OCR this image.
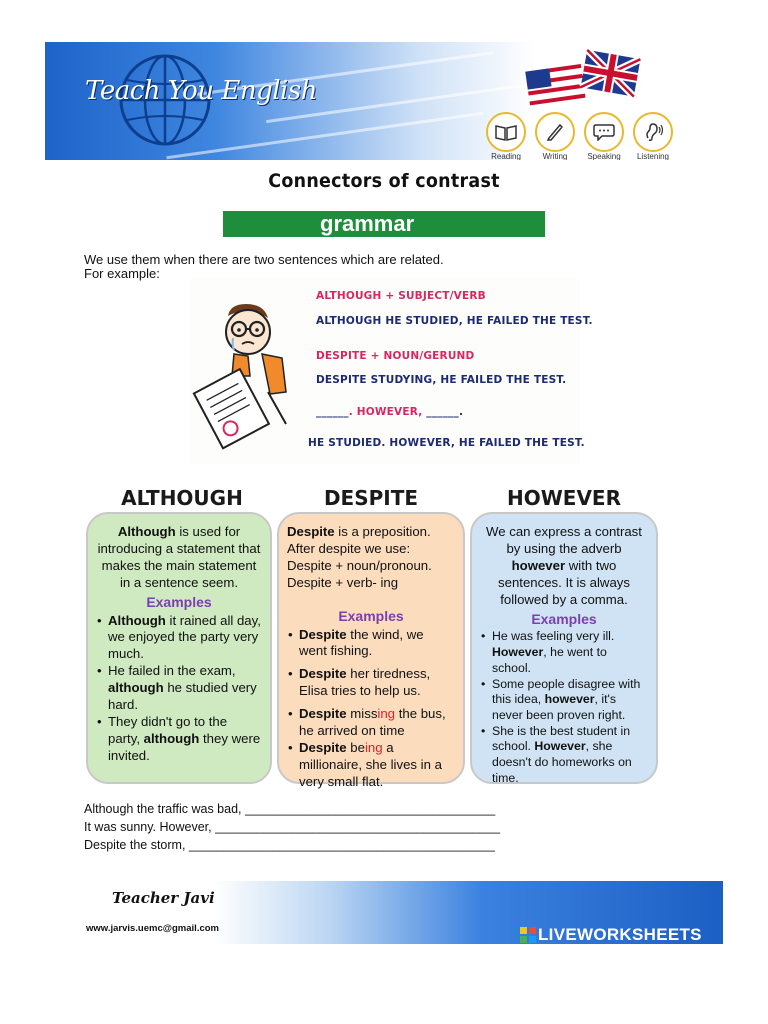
Teach You English
Reading	Writing	Speaking	Listening
Connectors of contrast
grammar
We use them when there are two sentences which are related.
For example:
ALTHOUGH + SUBJECT/VERB
ALTHOUGH HE STUDIED, HE FAILED THE TEST.
DESPITE + NOUN/GERUND
DESPITE STUDYING, HE FAILED THE TEST.
______. HOWEVER, ______.
HE STUDIED. HOWEVER, HE FAILED THE TEST.
ALTHOUGH	DESPITE	HOWEVER

Although is used for introducing a statement that makes the main statement in a sentence seem.

Examples
• Although it rained all day, we enjoyed the party very much.
• He failed in the exam, although he studied very hard.
• They didn't go to the party, although they were invited.

Despite is a preposition.

After despite we use:

Despite + noun/pronoun.

Despite + verb- ing

Examples
• Despite the wind, we went fishing.
• Despite her tiredness, Elisa tries to help us.
• Despite missing the bus, he arrived on time
• Despite being a millionaire, she lives in a very small flat.

We can express a contrast by using the adverb however with two sentences. It is always followed by a comma.

Examples
• He was feeling very ill. However, he went to school.
• Some people disagree with this idea, however, it's never been proven right.
• She is the best student in school. However, she doesn't do homeworks on time.
Although the traffic was bad, ____________________________________
It was sunny. However, _________________________________________
Despite the storm, ____________________________________________
Teacher Javi
www.jarvis.uemc@gmail.com	LIVEWORKSHEETS
